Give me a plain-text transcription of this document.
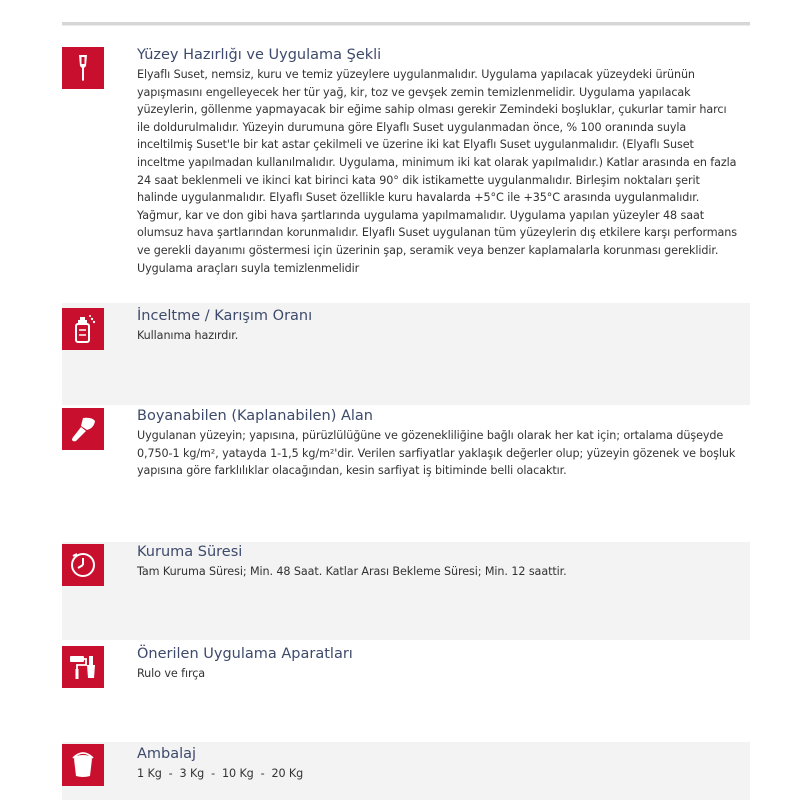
Yüzey Hazırlığı ve Uygulama Şekli

Elyaflı Suset, nemsiz, kuru ve temiz yüzeylere uygulanmalıdır. Uygulama yapılacak yüzeydeki ürünün yapışmasını engelleyecek her tür yağ, kir, toz ve gevşek zemin temizlenmelidir. Uygulama yapılacak yüzeylerin, göllenme yapmayacak bir eğime sahip olması gerekir Zemindeki boşluklar, çukurlar tamir harcı ile doldurulmalıdır. Yüzeyin durumuna göre Elyaflı Suset uygulanmadan önce, % 100 oranında suyla inceltilmiş Suset'le bir kat astar çekilmeli ve üzerine iki kat Elyaflı Suset uygulanmalıdır. (Elyaflı Suset inceltme yapılmadan kullanılmalıdır. Uygulama, minimum iki kat olarak yapılmalıdır.) Katlar arasında en fazla 24 saat beklenmeli ve ikinci kat birinci kata 90° dik istikamette uygulanmalıdır. Birleşim noktaları şerit halinde uygulanmalıdır. Elyaflı Suset özellikle kuru havalarda +5°C ile +35°C arasında uygulanmalıdır. Yağmur, kar ve don gibi hava şartlarında uygulama yapılmamalıdır. Uygulama yapılan yüzeyler 48 saat olumsuz hava şartlarından korunmalıdır. Elyaflı Suset uygulanan tüm yüzeylerin dış etkilere karşı performans ve gerekli dayanımı göstermesi için üzerinin şap, seramik veya benzer kaplamalarla korunması gereklidir. Uygulama araçları suyla temizlenmelidir

İnceltme / Karışım Oranı

Kullanıma hazırdır.

Boyanabilen (Kaplanabilen) Alan

Uygulanan yüzeyin; yapısına, pürüzlülüğüne ve gözenekliliğine bağlı olarak her kat için; ortalama düşeyde 0,750-1 kg/m², yatayda 1-1,5 kg/m²'dir. Verilen sarfiyatlar yaklaşık değerler olup; yüzeyin gözenek ve boşluk yapısına göre farklılıklar olacağından, kesin sarfiyat iş bitiminde belli olacaktır.

Kuruma Süresi

Tam Kuruma Süresi; Min. 48 Saat. Katlar Arası Bekleme Süresi; Min. 12 saattir.

Önerilen Uygulama Aparatları

Rulo ve fırça

Ambalaj

1 Kg  -  3 Kg  -  10 Kg  -  20 Kg
